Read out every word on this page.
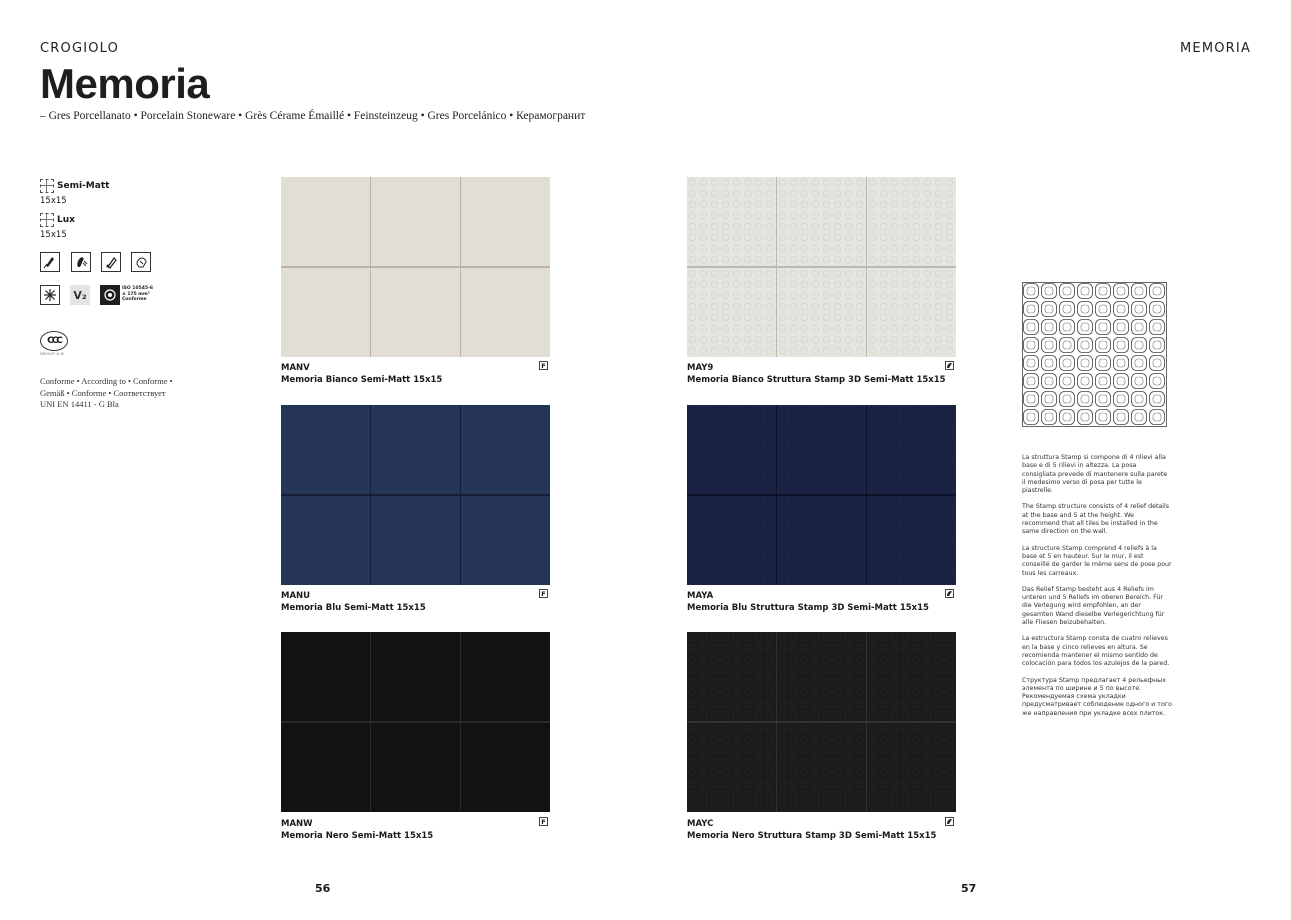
CROGIOLO	MEMORIA
Memoria
– Gres Porcellanato • Porcelain Stoneware • Grès Cérame Émaillé • Feinsteinzeug • Gres Porcelánico • Керамогранит
Semi-Matt
15x15
Lux
15x15
V₂	ISO 10545-6
≤ 175 mm³
Conforme
C C C
GROUP A B
Conforme • According to • Conforme •
Gemäß • Conforme • Соответствует
UNI EN 14411 - G Bla
MANV
Memoria Bianco Semi-Matt 15x15
F
MANU
Memoria Blu Semi-Matt 15x15
F
MANW
Memoria Nero Semi-Matt 15x15
F
MAY9
Memoria Bianco Struttura Stamp 3D Semi-Matt 15x15
MAYA
Memoria Blu Struttura Stamp 3D Semi-Matt 15x15
MAYC
Memoria Nero Struttura Stamp 3D Semi-Matt 15x15

La struttura Stamp si compone di 4 rilievi alla base e di 5 rilievi in altezza. La posa consigliata prevede di mantenere sulla parete il medesimo verso di posa per tutte le piastrelle.

The Stamp structure consists of 4 relief details at the base and 5 at the height. We recommend that all tiles be installed in the same direction on the wall.

La structure Stamp comprend 4 reliefs à la base et 5 en hauteur. Sur le mur, il est conseillé de garder le même sens de pose pour tous les carreaux.

Das Relief Stamp besteht aus 4 Reliefs im unteren und 5 Reliefs im oberen Bereich. Für die Verlegung wird empfohlen, an der gesamten Wand dieselbe Verlegerichtung für alle Fliesen beizubehalten.

La estructura Stamp consta de cuatro relieves en la base y cinco relieves en altura. Se recomienda mantener el mismo sentido de colocación para todos los azulejos de la pared.

Структура Stamp предлагает 4 рельефных элемента по ширине и 5 по высоте. Рекомендуемая схема укладки предусматривает соблюдение одного и того же направления при укладке всех плиток.

56	57
